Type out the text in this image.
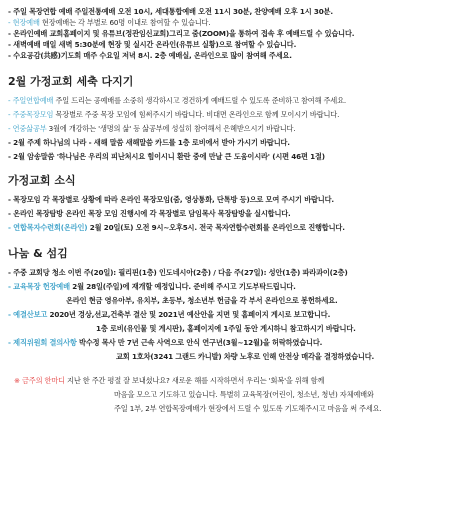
- 주일 목장연합 예배 주일전통예배 오전 10시, 세대통합예배 오전 11시 30분, 찬양예배 오후 1시 30분.
- 현장예배 현장예배는 각 부별로 60명 이내로 참여할 수 있습니다.
- 온라인예배 교회홈페이지 및 유튜브(정관임신교회)그리고 줌(ZOOM)을 통하여 접속 후 예배드릴 수 있습니다.
- 새벽예배 매일 새벽 5:30분에 현장 및 실시간 온라인(유튜브 실황)으로 참여할 수 있습니다.
- 수요공감(共感)기도회 매주 수요일 저녁 8시. 2층 예배실, 온라인으로 많이 참여해 주세요.
2월 가정교회 세축 다지기
- 주일연합예배 주일 드리는 공예배를 소중히 생각하시고 경건하게 예배드릴 수 있도록 준비하고 참여해 주세요.
- 주중목장모임 목장별로 주중 목장 모임에 힘써주시기 바랍니다. 비대면 온라인으로 함께 모이시기 바랍니다.
- 연중삶공부 3월에 개강하는 '생명의 삶' 등 삶공부에 성실히 참여해서 은혜받으시기 바랍니다.
- 2월 주제 하나님의 나라 - 새해 말씀 새해말씀 카드를 1층 로비에서 받아 가시기 바랍니다.
- 2월 암송말씀 '하나님은 우리의 피난처시요 힘이시니 환란 중에 만날 큰 도움이시라' (시편 46편 1절)
가정교회 소식
- 목장모임 각 목장별로 상황에 따라 온라인 목장모임(줌, 영상통화, 단톡방 등)으로 모여 주시기 바랍니다.
- 온라인 목장탐방 온라인 목장 모임 진행시에 각 목장별로 담임목사 목장탐방을 실시합니다.
- 연합목자수련회(온라인) 2월 20일(토) 오전 9시~오후5시. 전국 목자연합수련회를 온라인으로 진행합니다.
나눔 & 섬김
- 주중 교회당 청소 이번 주(20일): 필리핀(1층) 인도네시아(2층) / 다음 주(27일): 성안(1층) 파라과이(2층)
- 교육목장 헌장예배 2월 28일(주일)에 재개할 예정입니다. 준비해 주시고 기도부탁드립니다.
온라인 현금 영유아부, 유치부, 초등부, 청소년부 헌금을 각 부서 온라인으로 봉헌하세요.
- 예결산보고 2020년 경상,선교,건축부 결산 및 2021년 예산안을 지면 및 홈페이지 게시로 보고합니다.
1층 로비(유인물 및 게시판), 홈페이지에 1주일 동안 게시하니 참고하시기 바랍니다.
- 제직위원회 결의사항 박수정 목사 만 7년 근속 사역으로 안식 연구년(3월~12월)을 허락하였습니다.
교회 1호차(3241 그랜드 카니발) 차량 노후로 인해 안전상 매각을 결정하였습니다.
※ 금주의 한마디 지난 한 주간 평절 잘 보내셨나요? 새로운 해를 시작하면서 우리는 '회복'을 위해 함께
마음을 모으고 기도하고 있습니다. 특별히 교육목장(어린이, 청소년, 청년) 자체예배와
주일 1부, 2부 연합목장예배가 현장에서 드릴 수 있도록 기도해주시고 마음을 써 주세요.
